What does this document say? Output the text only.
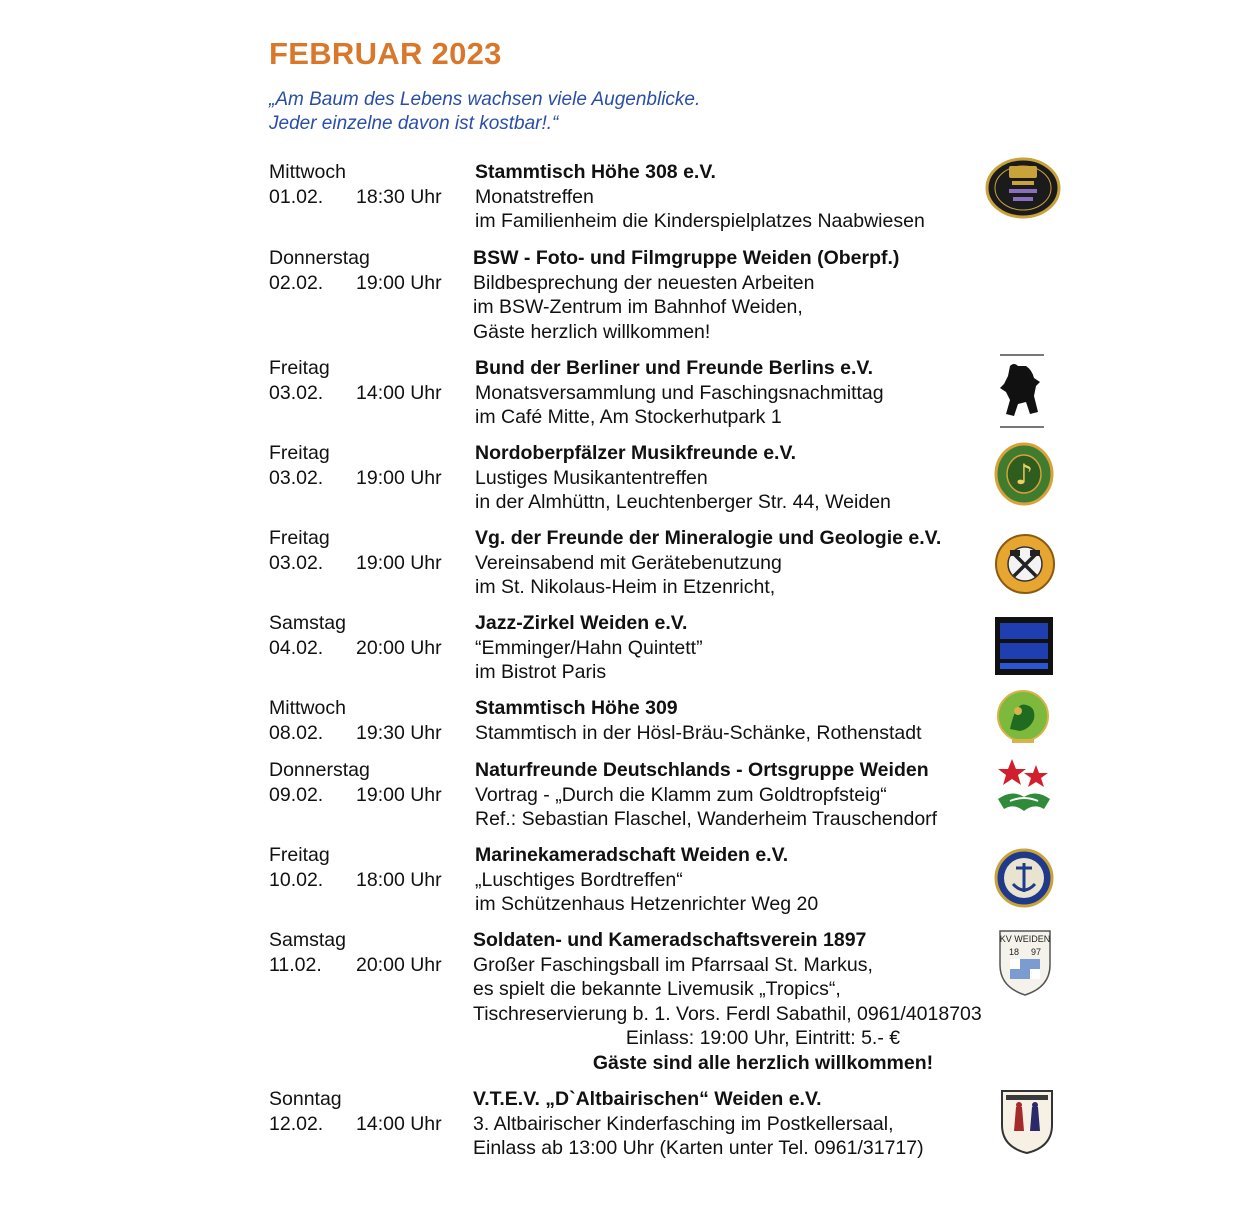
FEBRUAR 2023
„Am Baum des Lebens wachsen viele Augenblicke.
Jeder einzelne davon ist kostbar!.“
Mittwoch
01.02. 18:30 Uhr
Stammtisch Höhe 308 e.V.
Monatstreffen
im Familienheim die Kinderspielplatzes Naabwiesen
Donnerstag
02.02. 19:00 Uhr
BSW - Foto- und Filmgruppe Weiden (Oberpf.)
Bildbesprechung der neuesten Arbeiten
im BSW-Zentrum im Bahnhof Weiden,
Gäste herzlich willkommen!
Freitag
03.02. 14:00 Uhr
Bund der Berliner und Freunde Berlins e.V.
Monatsversammlung und Faschingsnachmittag
im Café Mitte, Am Stockerhutpark 1
Freitag
03.02. 19:00 Uhr
Nordoberpfälzer Musikfreunde e.V.
Lustiges Musikantentreffen
in der Almhüttn, Leuchtenberger Str. 44, Weiden
Freitag
03.02. 19:00 Uhr
Vg. der Freunde der Mineralogie und Geologie e.V.
Vereinsabend mit Gerätebenutzung
im St. Nikolaus-Heim in Etzenricht,
Samstag
04.02. 20:00 Uhr
Jazz-Zirkel Weiden e.V.
“Emminger/Hahn Quintett”
im Bistrot Paris
Mittwoch
08.02. 19:30 Uhr
Stammtisch Höhe 309
Stammtisch in der Hösl-Bräu-Schänke, Rothenstadt
Donnerstag
09.02. 19:00 Uhr
Naturfreunde Deutschlands - Ortsgruppe Weiden
Vortrag - „Durch die Klamm zum Goldtropfsteig“
Ref.: Sebastian Flaschel, Wanderheim Trauschendorf
Freitag
10.02. 18:00 Uhr
Marinekameradschaft Weiden e.V.
„Luschtiges Bordtreffen“
im Schützenhaus Hetzenrichter Weg 20
Samstag
11.02. 20:00 Uhr
Soldaten- und Kameradschaftsverein 1897
Großer Faschingsball im Pfarrsaal St. Markus,
es spielt die bekannte Livemusik „Tropics“,
Tischreservierung b. 1. Vors. Ferdl Sabathil, 0961/4018703
Einlass: 19:00 Uhr, Eintritt: 5.- €
Gäste sind alle herzlich willkommen!
Sonntag
12.02. 14:00 Uhr
V.T.E.V. „D`Altbairischen“ Weiden e.V.
3. Altbairischer Kinderfasching im Postkellersaal,
Einlass ab 13:00 Uhr (Karten unter Tel. 0961/31717)
♪
KV WEIDEN
18 97
